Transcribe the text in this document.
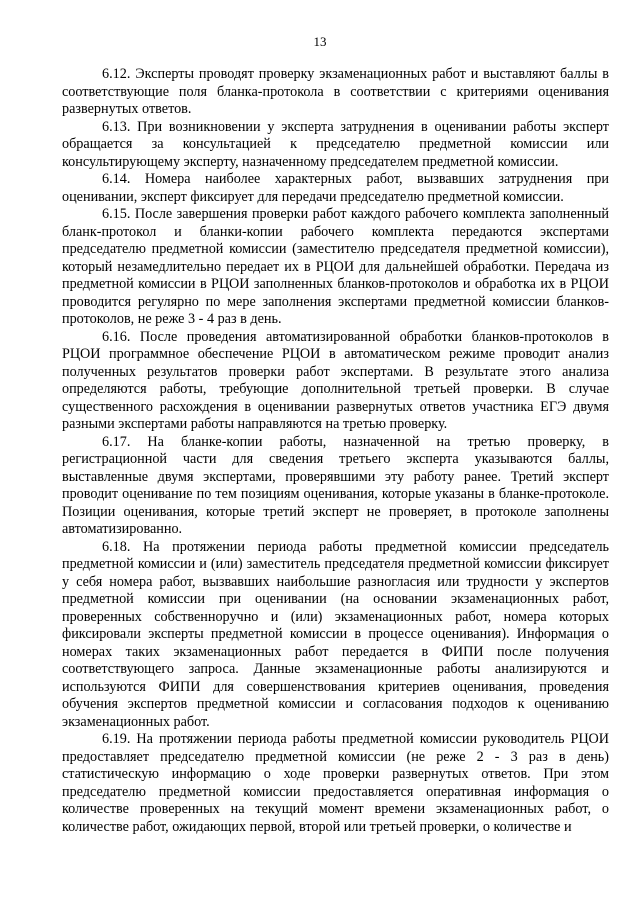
13

6.12. Эксперты проводят проверку экзаменационных работ и выставляют баллы в соответствующие поля бланка-протокола в соответствии с критериями оценивания развернутых ответов.

6.13. При возникновении у эксперта затруднения в оценивании работы эксперт обращается за консультацией к председателю предметной комиссии или консультирующему эксперту, назначенному председателем предметной комиссии.

6.14. Номера наиболее характерных работ, вызвавших затруднения при оценивании, эксперт фиксирует для передачи председателю предметной комиссии.

6.15. После завершения проверки работ каждого рабочего комплекта заполненный бланк-протокол и бланки-копии рабочего комплекта передаются экспертами председателю предметной комиссии (заместителю председателя предметной комиссии), который незамедлительно передает их в РЦОИ для дальнейшей обработки. Передача из предметной комиссии в РЦОИ заполненных бланков-протоколов и обработка их в РЦОИ проводится регулярно по мере заполнения экспертами предметной комиссии бланков-протоколов, не реже 3 - 4 раз в день.

6.16. После проведения автоматизированной обработки бланков-протоколов в РЦОИ программное обеспечение РЦОИ в автоматическом режиме проводит анализ полученных результатов проверки работ экспертами. В результате этого анализа определяются работы, требующие дополнительной третьей проверки. В случае существенного расхождения в оценивании развернутых ответов участника ЕГЭ двумя разными экспертами работы направляются на третью проверку.

6.17. На бланке-копии работы, назначенной на третью проверку, в регистрационной части для сведения третьего эксперта указываются баллы, выставленные двумя экспертами, проверявшими эту работу ранее. Третий эксперт проводит оценивание по тем позициям оценивания, которые указаны в бланке-протоколе. Позиции оценивания, которые третий эксперт не проверяет, в протоколе заполнены автоматизированно.

6.18. На протяжении периода работы предметной комиссии председатель предметной комиссии и (или) заместитель председателя предметной комиссии фиксирует у себя номера работ, вызвавших наибольшие разногласия или трудности у экспертов предметной комиссии при оценивании (на основании экзаменационных работ, проверенных собственноручно и (или) экзаменационных работ, номера которых фиксировали эксперты предметной комиссии в процессе оценивания). Информация о номерах таких экзаменационных работ передается в ФИПИ после получения соответствующего запроса. Данные экзаменационные работы анализируются и используются ФИПИ для совершенствования критериев оценивания, проведения обучения экспертов предметной комиссии и согласования подходов к оцениванию экзаменационных работ.

6.19. На протяжении периода работы предметной комиссии руководитель РЦОИ предоставляет председателю предметной комиссии (не реже 2 - 3 раз в день) статистическую информацию о ходе проверки развернутых ответов. При этом председателю предметной комиссии предоставляется оперативная информация о количестве проверенных на текущий момент времени экзаменационных работ, о количестве работ, ожидающих первой, второй или третьей проверки, о количестве и
